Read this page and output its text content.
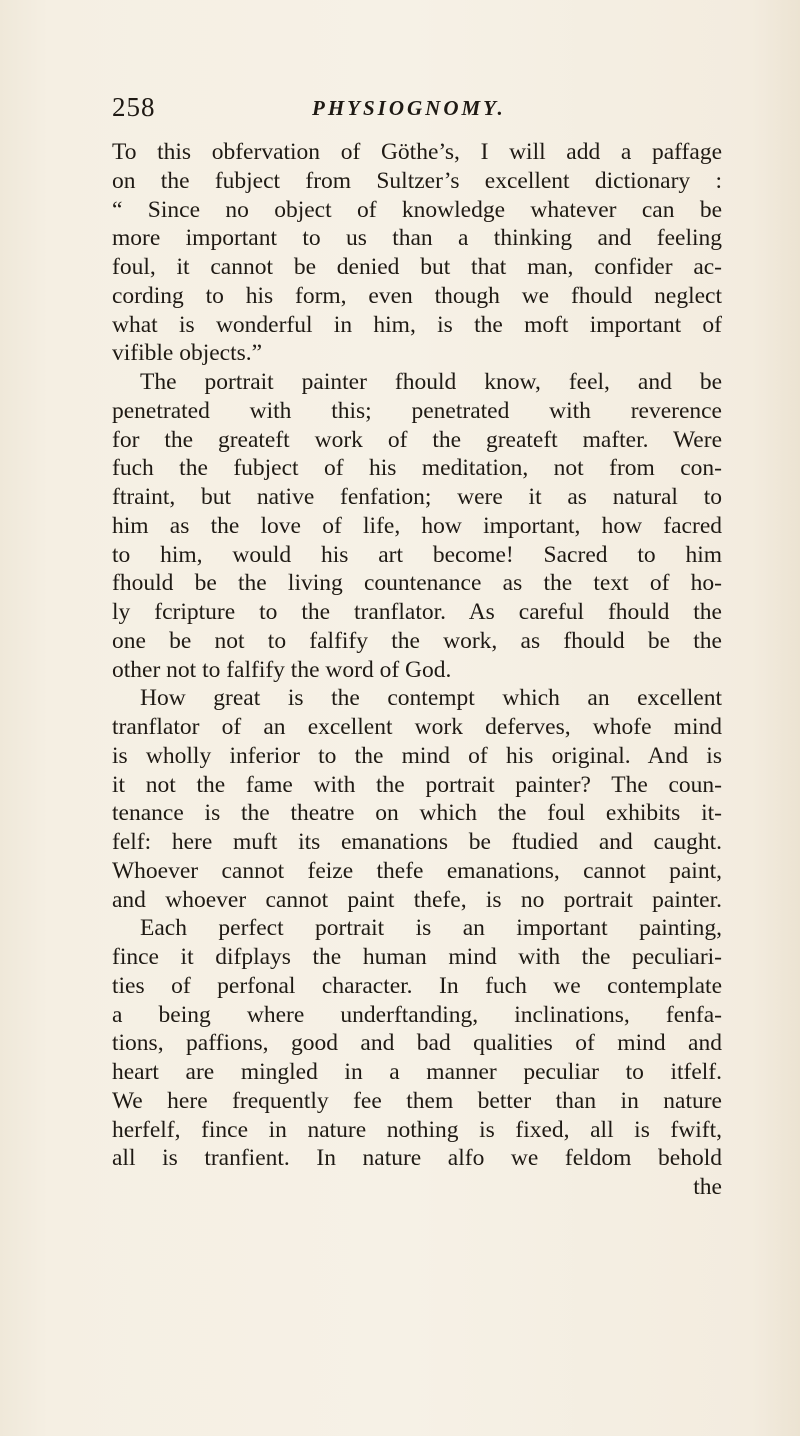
258	PHYSIOGNOMY.
To this obfervation of Göthe’s, I will add a paffage
on the fubject from Sultzer’s excellent dictionary :
“ Since no object of knowledge whatever can be
more important to us than a thinking and feeling
foul, it cannot be denied but that man, confider ac-
cording to his form, even though we fhould neglect
what is wonderful in him, is the moft important of
vifible objects.”
The portrait painter fhould know, feel, and be
penetrated with this; penetrated with reverence
for the greateft work of the greateft mafter. Were
fuch the fubject of his meditation, not from con-
ftraint, but native fenfation; were it as natural to
him as the love of life, how important, how facred
to him, would his art become! Sacred to him
fhould be the living countenance as the text of ho-
ly fcripture to the tranflator. As careful fhould the
one be not to falfify the work, as fhould be the
other not to falfify the word of God.
How great is the contempt which an excellent
tranflator of an excellent work deferves, whofe mind
is wholly inferior to the mind of his original. And is
it not the fame with the portrait painter? The coun-
tenance is the theatre on which the foul exhibits it-
felf: here muft its emanations be ftudied and caught.
Whoever cannot feize thefe emanations, cannot paint,
and whoever cannot paint thefe, is no portrait painter.
Each perfect portrait is an important painting,
fince it difplays the human mind with the peculiari-
ties of perfonal character. In fuch we contemplate
a being where underftanding, inclinations, fenfa-
tions, paffions, good and bad qualities of mind and
heart are mingled in a manner peculiar to itfelf.
We here frequently fee them better than in nature
herfelf, fince in nature nothing is fixed, all is fwift,
all is tranfient. In nature alfo we feldom behold
the
